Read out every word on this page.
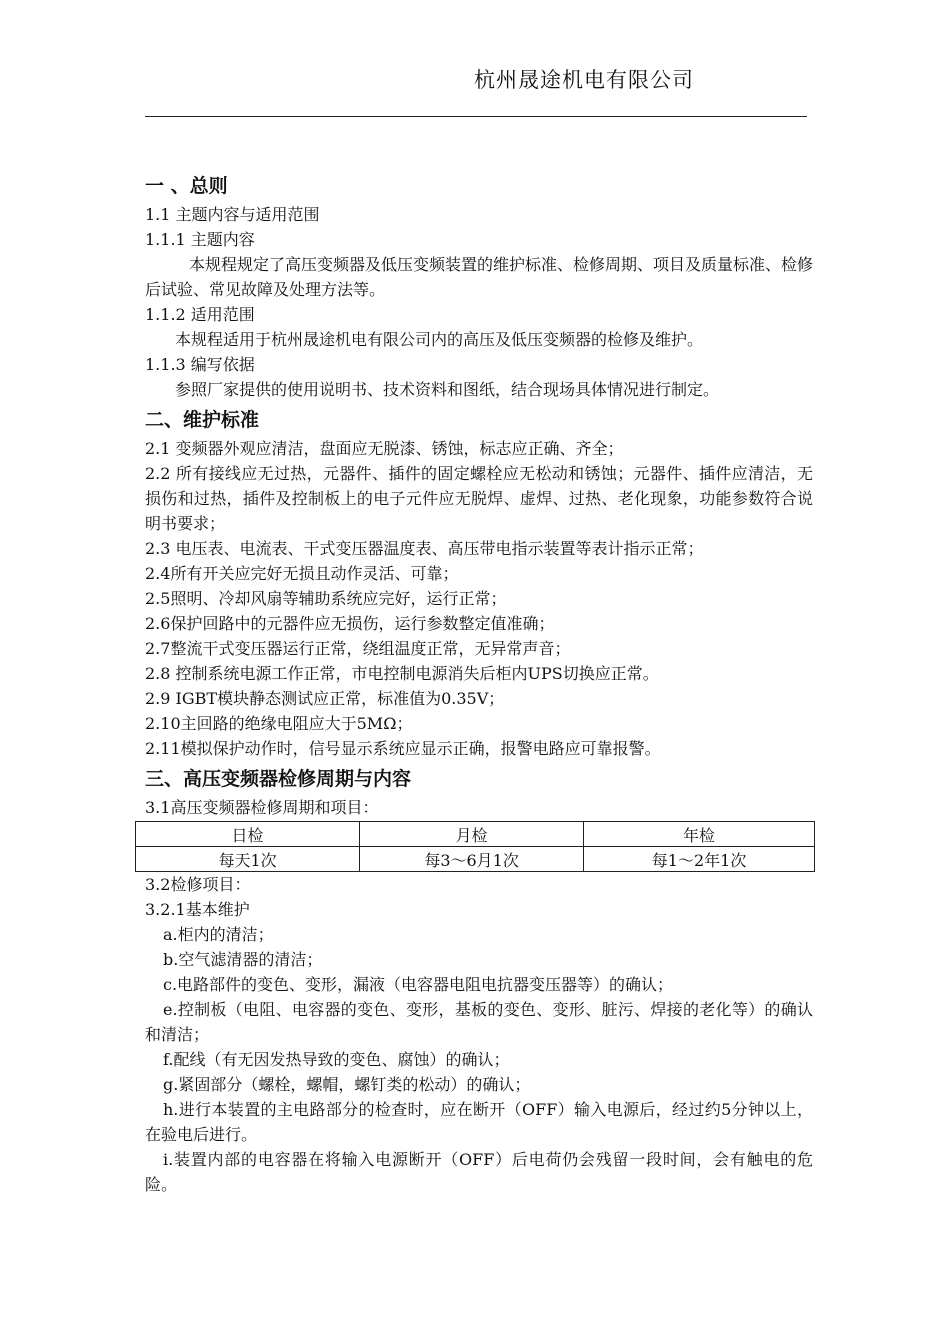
杭州晟途机电有限公司
一 、总则
1.1 主题内容与适用范围
1.1.1 主题内容
本规程规定了高压变频器及低压变频装置的维护标准、检修周期、项目及质量标准、检修后试验、常见故障及处理方法等。
1.1.2 适用范围
本规程适用于杭州晟途机电有限公司内的高压及低压变频器的检修及维护。
1.1.3 编写依据
参照厂家提供的使用说明书、技术资料和图纸，结合现场具体情况进行制定。
二、维护标准
2.1 变频器外观应清洁，盘面应无脱漆、锈蚀，标志应正确、齐全；
2.2 所有接线应无过热，元器件、插件的固定螺栓应无松动和锈蚀；元器件、插件应清洁，无损伤和过热，插件及控制板上的电子元件应无脱焊、虚焊、过热、老化现象，功能参数符合说明书要求；
2.3 电压表、电流表、干式变压器温度表、高压带电指示装置等表计指示正常；
2.4所有开关应完好无损且动作灵活、可靠；
2.5照明、冷却风扇等辅助系统应完好，运行正常；
2.6保护回路中的元器件应无损伤，运行参数整定值准确；
2.7整流干式变压器运行正常，绕组温度正常，无异常声音；
2.8 控制系统电源工作正常，市电控制电源消失后柜内UPS切换应正常。
2.9 IGBT模块静态测试应正常，标准值为0.35V；
2.10主回路的绝缘电阻应大于5MΩ；
2.11模拟保护动作时，信号显示系统应显示正确，报警电路应可靠报警。
三、高压变频器检修周期与内容
3.1高压变频器检修周期和项目：
日检	月检	年检
每天1次	每3～6月1次	每1～2年1次
3.2检修项目：
3.2.1基本维护
a.柜内的清洁；
b.空气滤清器的清洁；
c.电路部件的变色、变形，漏液（电容器电阻电抗器变压器等）的确认；
e.控制板（电阻、电容器的变色、变形，基板的变色、变形、脏污、焊接的老化等）的确认和清洁；
f.配线（有无因发热导致的变色、腐蚀）的确认；
g.紧固部分（螺栓，螺帽，螺钉类的松动）的确认；
h.进行本装置的主电路部分的检查时，应在断开（OFF）输入电源后，经过约5分钟以上，在验电后进行。
i.装置内部的电容器在将输入电源断开（OFF）后电荷仍会残留一段时间，会有触电的危险。
